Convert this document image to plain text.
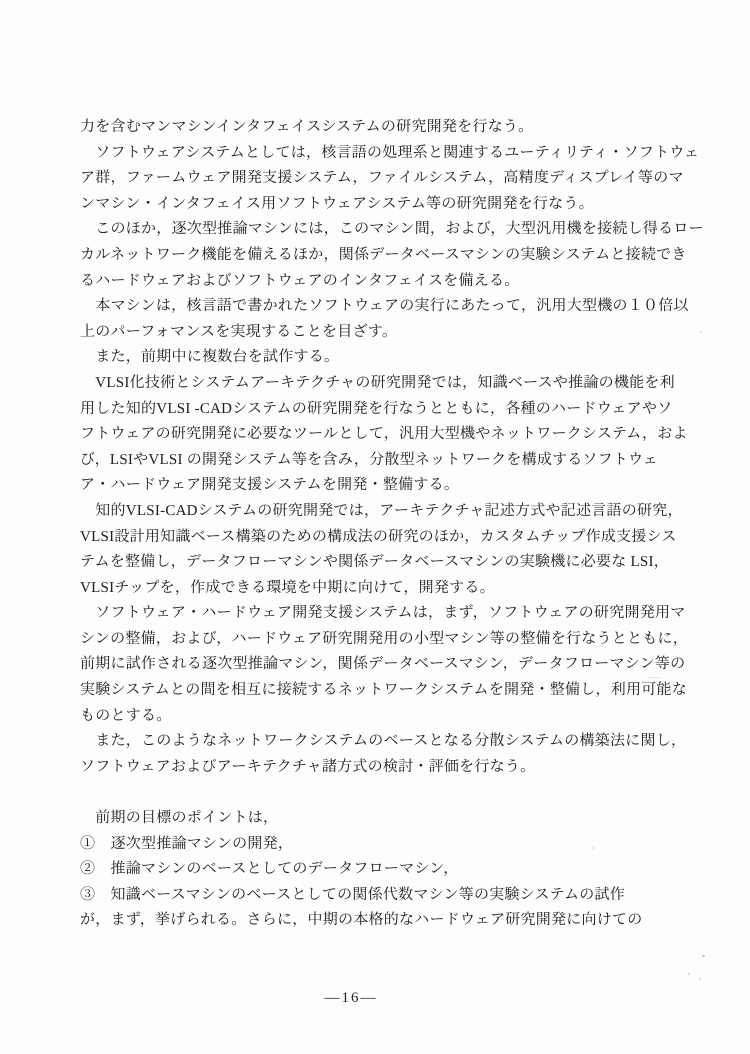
力を含むマンマシンインタフェイスシステムの研究開発を行なう。
　ソフトウェアシステムとしては，核言語の処理系と関連するユーティリティ・ソフトウェ
ア群，ファームウェア開発支援システム，ファイルシステム，高精度ディスプレイ等のマ
ンマシン・インタフェイス用ソフトウェアシステム等の研究開発を行なう。
　このほか，逐次型推論マシンには，このマシン間，および，大型汎用機を接続し得るロー
カルネットワーク機能を備えるほか，関係データベースマシンの実験システムと接続でき
るハードウェアおよびソフトウェアのインタフェイスを備える。
　本マシンは，核言語で書かれたソフトウェアの実行にあたって，汎用大型機の１０倍以
上のパーフォマンスを実現することを目ざす。
　また，前期中に複数台を試作する。
　VLSI化技術とシステムアーキテクチャの研究開発では，知識ベースや推論の機能を利
用した知的VLSI -CADシステムの研究開発を行なうとともに，各種のハードウェアやソ
フトウェアの研究開発に必要なツールとして，汎用大型機やネットワークシステム，およ
び，LSIやVLSI の開発システム等を含み，分散型ネットワークを構成するソフトウェ
ア・ハードウェア開発支援システムを開発・整備する。
　知的VLSI-CADシステムの研究開発では，アーキテクチャ記述方式や記述言語の研究，
VLSI設計用知識ベース構築のための構成法の研究のほか，カスタムチップ作成支援シス
テムを整備し，データフローマシンや関係データベースマシンの実験機に必要な LSI，
VLSIチップを，作成できる環境を中期に向けて，開発する。
　ソフトウェア・ハードウェア開発支援システムは，まず，ソフトウェアの研究開発用マ
シンの整備，および，ハードウェア研究開発用の小型マシン等の整備を行なうとともに，
前期に試作される逐次型推論マシン，関係データベースマシン，データフローマシン等の
実験システムとの間を相互に接続するネットワークシステムを開発・整備し，利用可能な
ものとする。
　また，このようなネットワークシステムのベースとなる分散システムの構築法に関し，
ソフトウェアおよびアーキテクチャ諸方式の検討・評価を行なう。
　前期の目標のポイントは，
①　逐次型推論マシンの開発，
②　推論マシンのベースとしてのデータフローマシン，
③　知識ベースマシンのベースとしての関係代数マシン等の実験システムの試作
が，まず，挙げられる。さらに，中期の本格的なハードウェア研究開発に向けての
—16—
